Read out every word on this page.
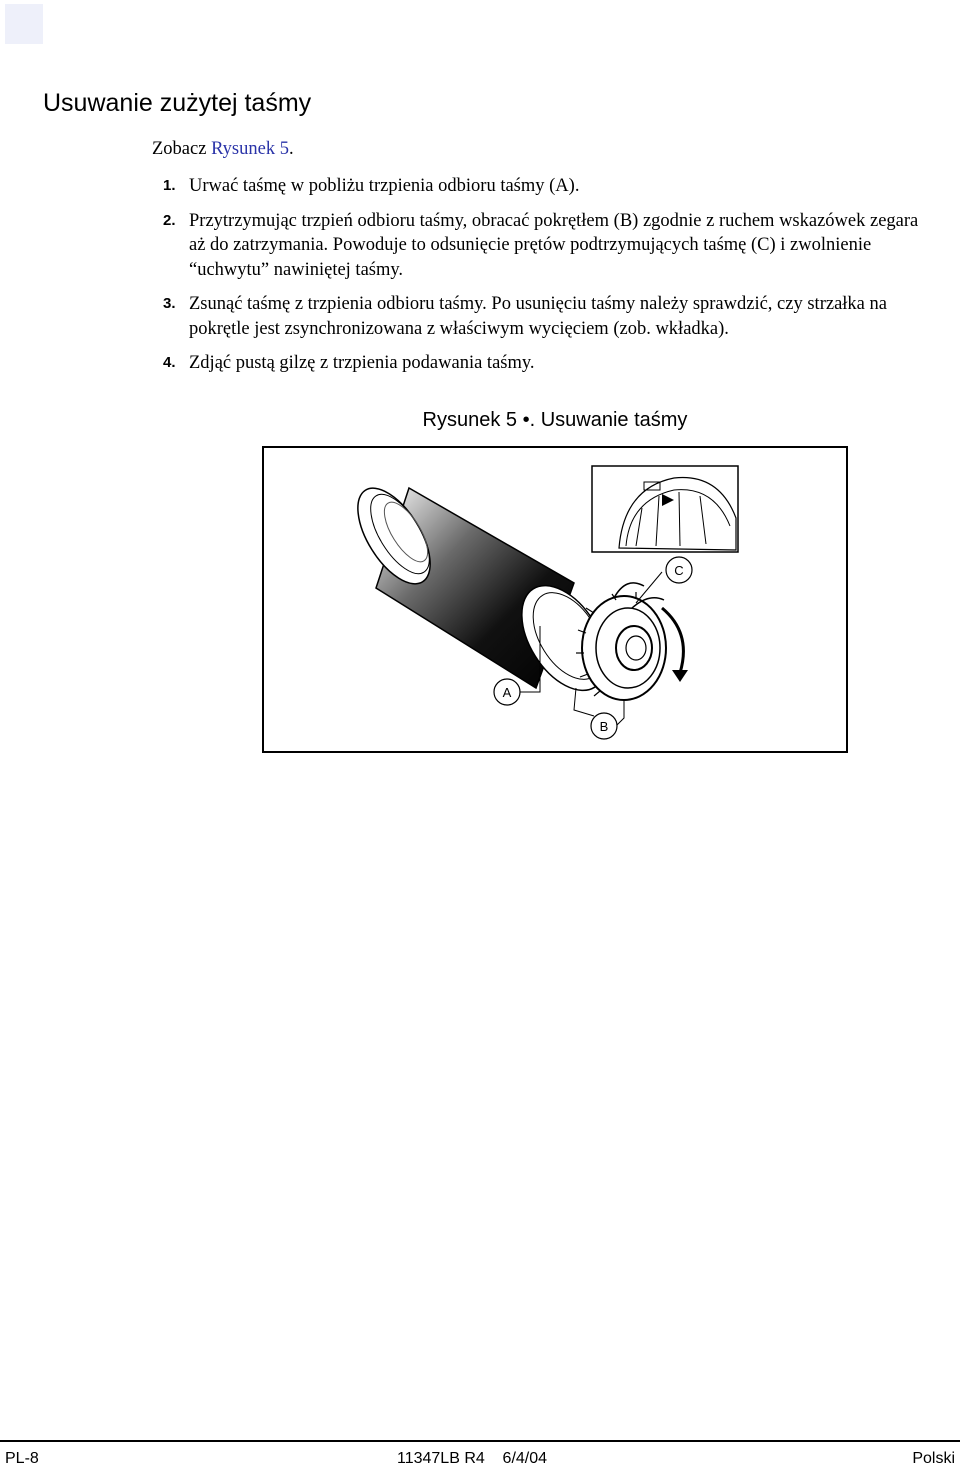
Usuwanie zużytej taśmy
Zobacz Rysunek 5.
1. Urwać taśmę w pobliżu trzpienia odbioru taśmy (A).
2. Przytrzymując trzpień odbioru taśmy, obracać pokrętłem (B) zgodnie z ruchem wskazówek zegara aż do zatrzymania. Powoduje to odsunięcie prętów podtrzymujących taśmę (C) i zwolnienie “uchwytu” nawiniętej taśmy.
3. Zsunąć taśmę z trzpienia odbioru taśmy. Po usunięciu taśmy należy sprawdzić, czy strzałka na pokrętle jest zsynchronizowana z właściwym wycięciem (zob. wkładka).
4. Zdjąć pustą gilzę z trzpienia podawania taśmy.
Rysunek 5 •. Usuwanie taśmy
A
B
C
PL-8	11347LB R4    6/4/04	Polski
